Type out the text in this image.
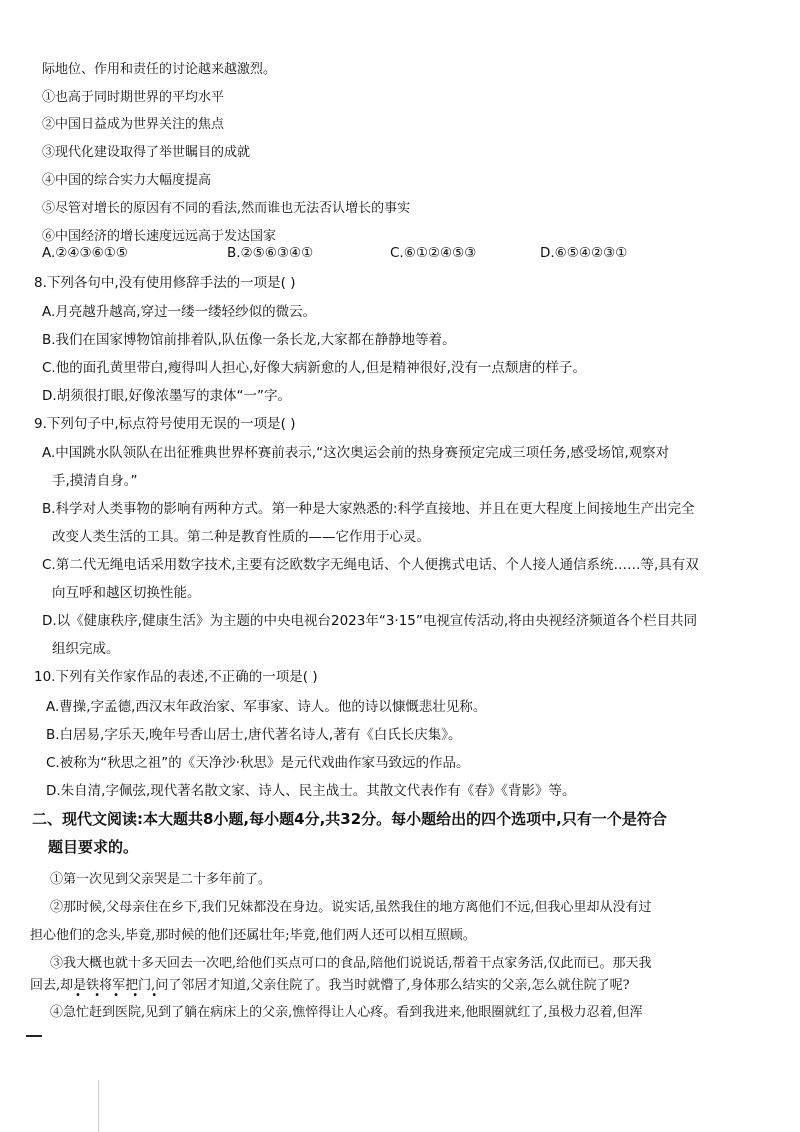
际地位、作用和责任的讨论越来越激烈。
①也高于同时期世界的平均水平
②中国日益成为世界关注的焦点
③现代化建设取得了举世瞩目的成就
④中国的综合实力大幅度提高
⑤尽管对增长的原因有不同的看法,然而谁也无法否认增长的事实
⑥中国经济的增长速度远远高于发达国家
A.②④③⑥①⑤	B.②⑤⑥③④①	C.⑥①②④⑤③	D.⑥⑤④②③①
8.下列各句中,没有使用修辞手法的一项是( )
A.月亮越升越高,穿过一缕一缕轻纱似的微云。
B.我们在国家博物馆前排着队,队伍像一条长龙,大家都在静静地等着。
C.他的面孔黄里带白,瘦得叫人担心,好像大病新愈的人,但是精神很好,没有一点颓唐的样子。
D.胡须很打眼,好像浓墨写的隶体“一”字。
9.下列句子中,标点符号使用无误的一项是( )
A.中国跳水队领队在出征雅典世界杯赛前表示,“这次奥运会前的热身赛预定完成三项任务,感受场馆,观察对
手,摸清自身。”
B.科学对人类事物的影响有两种方式。第一种是大家熟悉的:科学直接地、并且在更大程度上间接地生产出完全
改变人类生活的工具。第二种是教育性质的——它作用于心灵。
C.第二代无绳电话采用数字技术,主要有泛欧数字无绳电话、个人便携式电话、个人接人通信系统……等,具有双
向互呼和越区切换性能。
D.以《健康秩序,健康生活》为主题的中央电视台2023年“3·15”电视宣传活动,将由央视经济频道各个栏目共同
组织完成。
10.下列有关作家作品的表述,不正确的一项是( )
A.曹操,字孟德,西汉末年政治家、军事家、诗人。他的诗以慷慨悲壮见称。
B.白居易,字乐天,晚年号香山居士,唐代著名诗人,著有《白氏长庆集》。
C.被称为“秋思之祖”的《天净沙·秋思》是元代戏曲作家马致远的作品。
D.朱自清,字佩弦,现代著名散文家、诗人、民主战士。其散文代表作有《春》《背影》等。
二、现代文阅读:本大题共8小题,每小题4分,共32分。每小题给出的四个选项中,只有一个是符合
题目要求的。
①第一次见到父亲哭是二十多年前了。
②那时候,父母亲住在乡下,我们兄妹都没在身边。说实话,虽然我住的地方离他们不远,但我心里却从没有过
担心他们的念头,毕竟,那时候的他们还属壮年;毕竟,他们两人还可以相互照顾。
③我大概也就十多天回去一次吧,给他们买点可口的食品,陪他们说说话,帮着干点家务活,仅此而已。那天我
回去,却是铁将军把门,问了邻居才知道,父亲住院了。我当时就懵了,身体那么结实的父亲,怎么就住院了呢?
• • • • •
④急忙赶到医院,见到了躺在病床上的父亲,憔悴得让人心疼。看到我进来,他眼圈就红了,虽极力忍着,但浑
